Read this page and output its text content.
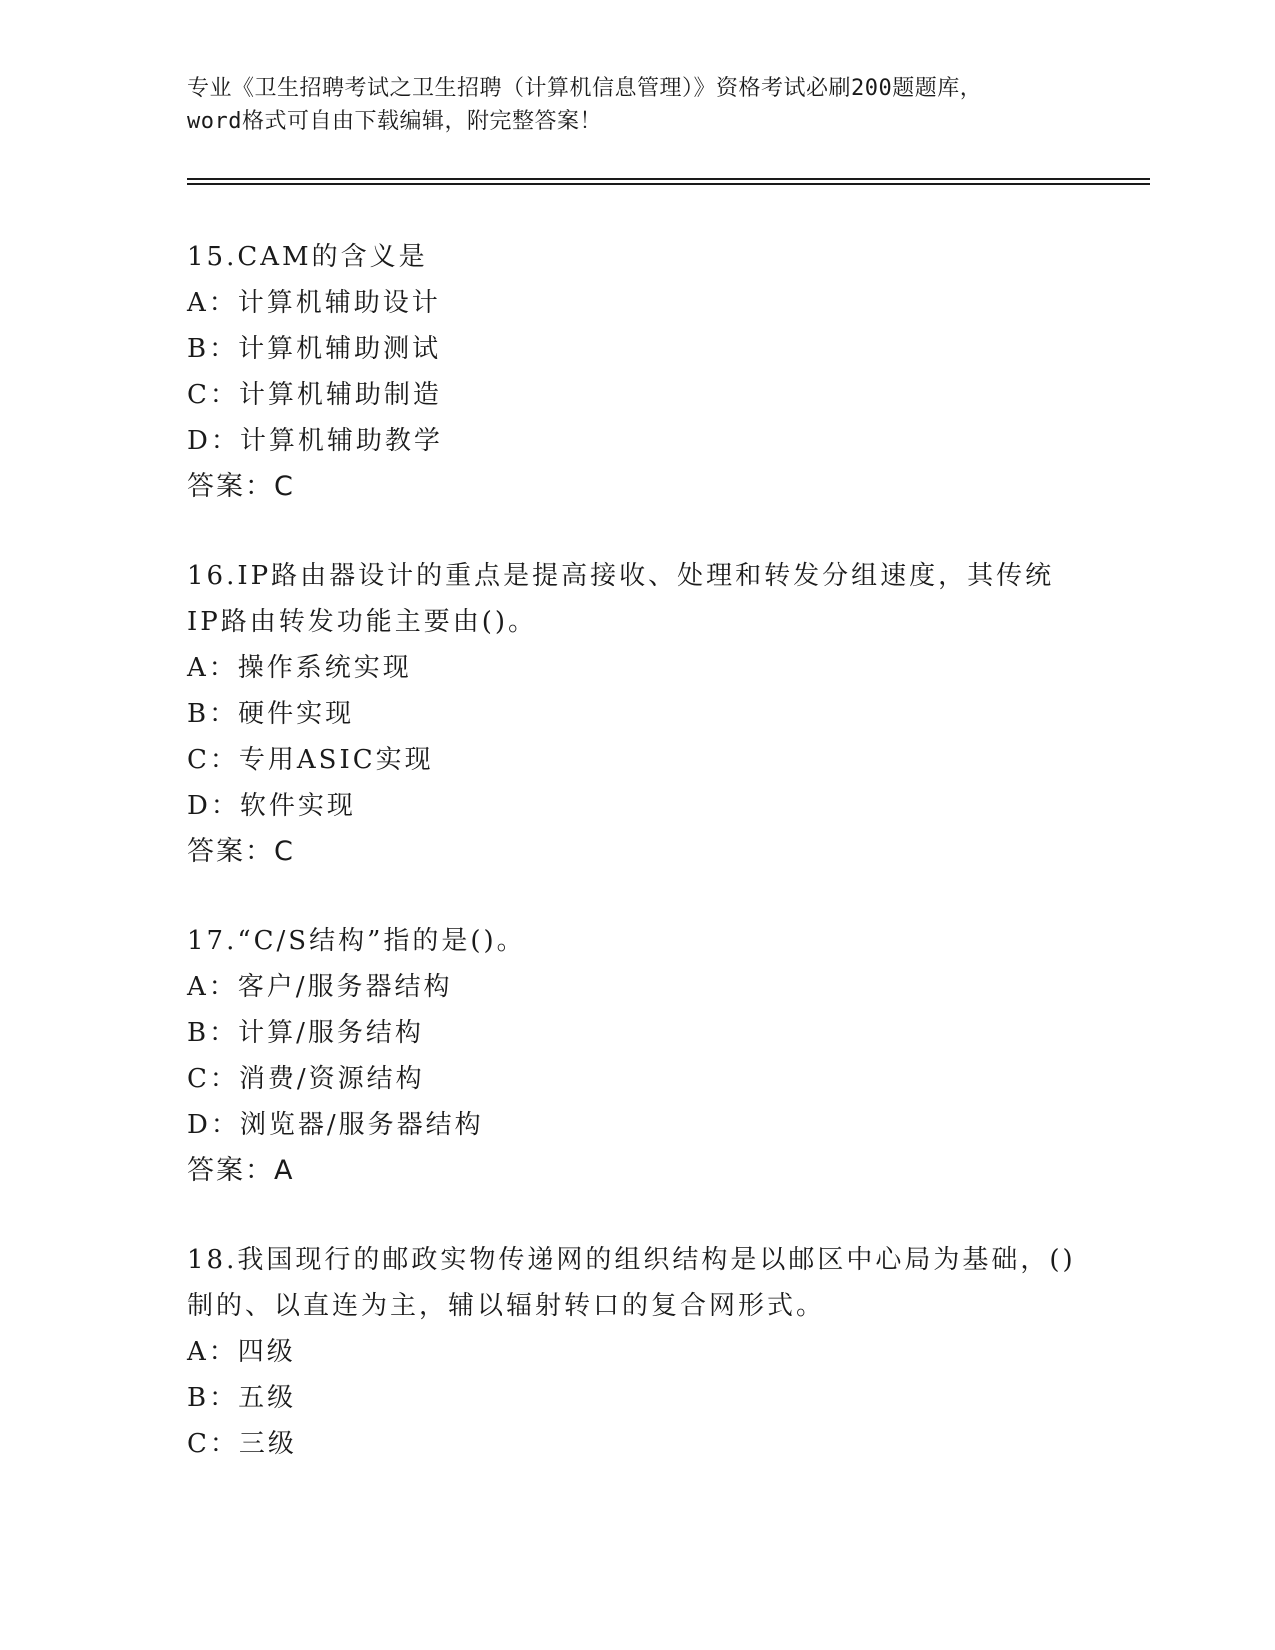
专业《卫生招聘考试之卫生招聘（计算机信息管理）》资格考试必刷200题题库，

word格式可自由下载编辑，附完整答案！

15.CAM的含义是

A：计算机辅助设计

B：计算机辅助测试

C：计算机辅助制造

D：计算机辅助教学

答案：C

16.IP路由器设计的重点是提高接收、处理和转发分组速度，其传统

IP路由转发功能主要由()。

A：操作系统实现

B：硬件实现

C：专用ASIC实现

D：软件实现

答案：C

17.“C/S结构”指的是()。

A：客户/服务器结构

B：计算/服务结构

C：消费/资源结构

D：浏览器/服务器结构

答案：A

18.我国现行的邮政实物传递网的组织结构是以邮区中心局为基础，()

制的、以直连为主，辅以辐射转口的复合网形式。

A：四级

B：五级

C：三级
